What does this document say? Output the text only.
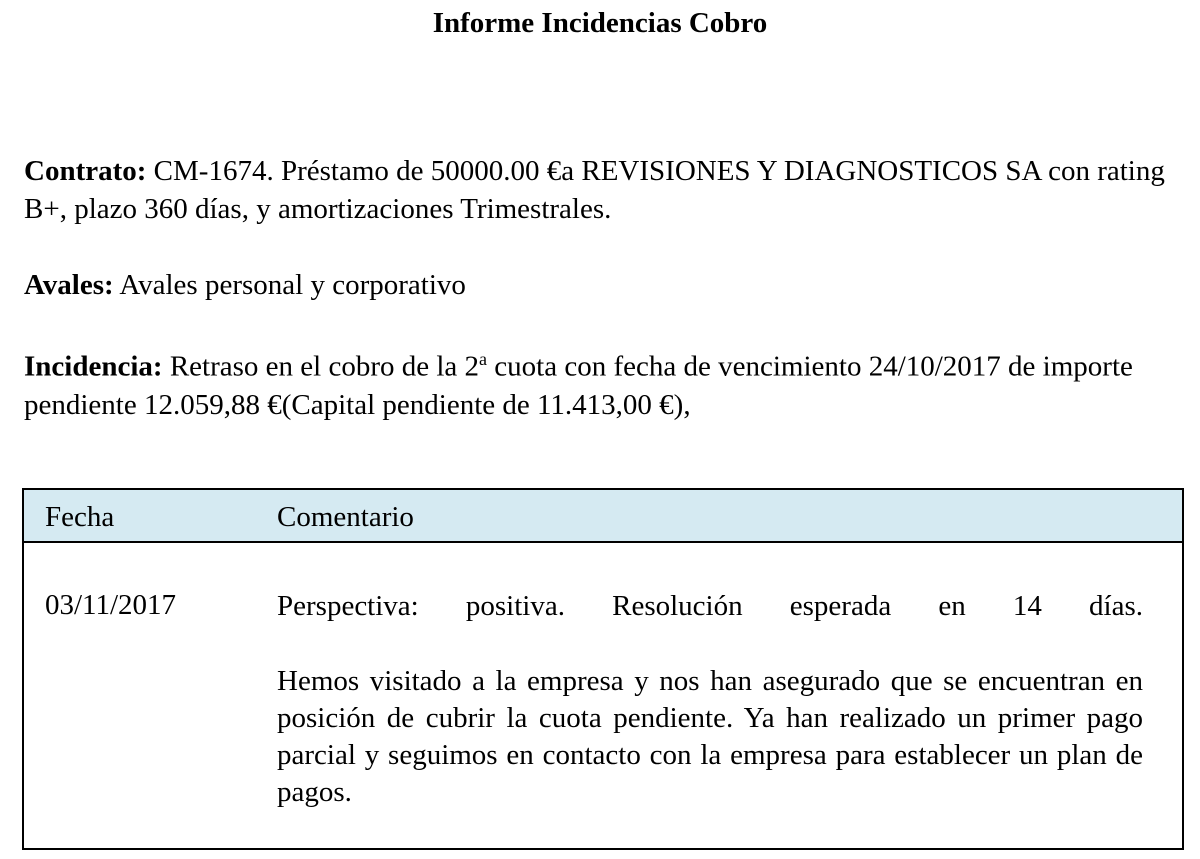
Informe Incidencias Cobro

Contrato: CM-1674. Préstamo de 50000.00 €a REVISIONES Y DIAGNOSTICOS SA con rating B+, plazo 360 días, y amortizaciones Trimestrales.

Avales: Avales personal y corporativo

Incidencia: Retraso en el cobro de la 2$^a$ cuota con fecha de vencimiento 24/10/2017 de importe pendiente 12.059,88 €(Capital pendiente de 11.413,00 €),

Fecha	Comentario
03/11/2017	Perspectiva: positiva. Resolución esperada en 14 días.

Hemos visitado a la empresa y nos han asegurado que se encuentran en posición de cubrir la cuota pendiente. Ya han realizado un primer pago parcial y seguimos en contacto con la empresa para establecer un plan de pagos.
